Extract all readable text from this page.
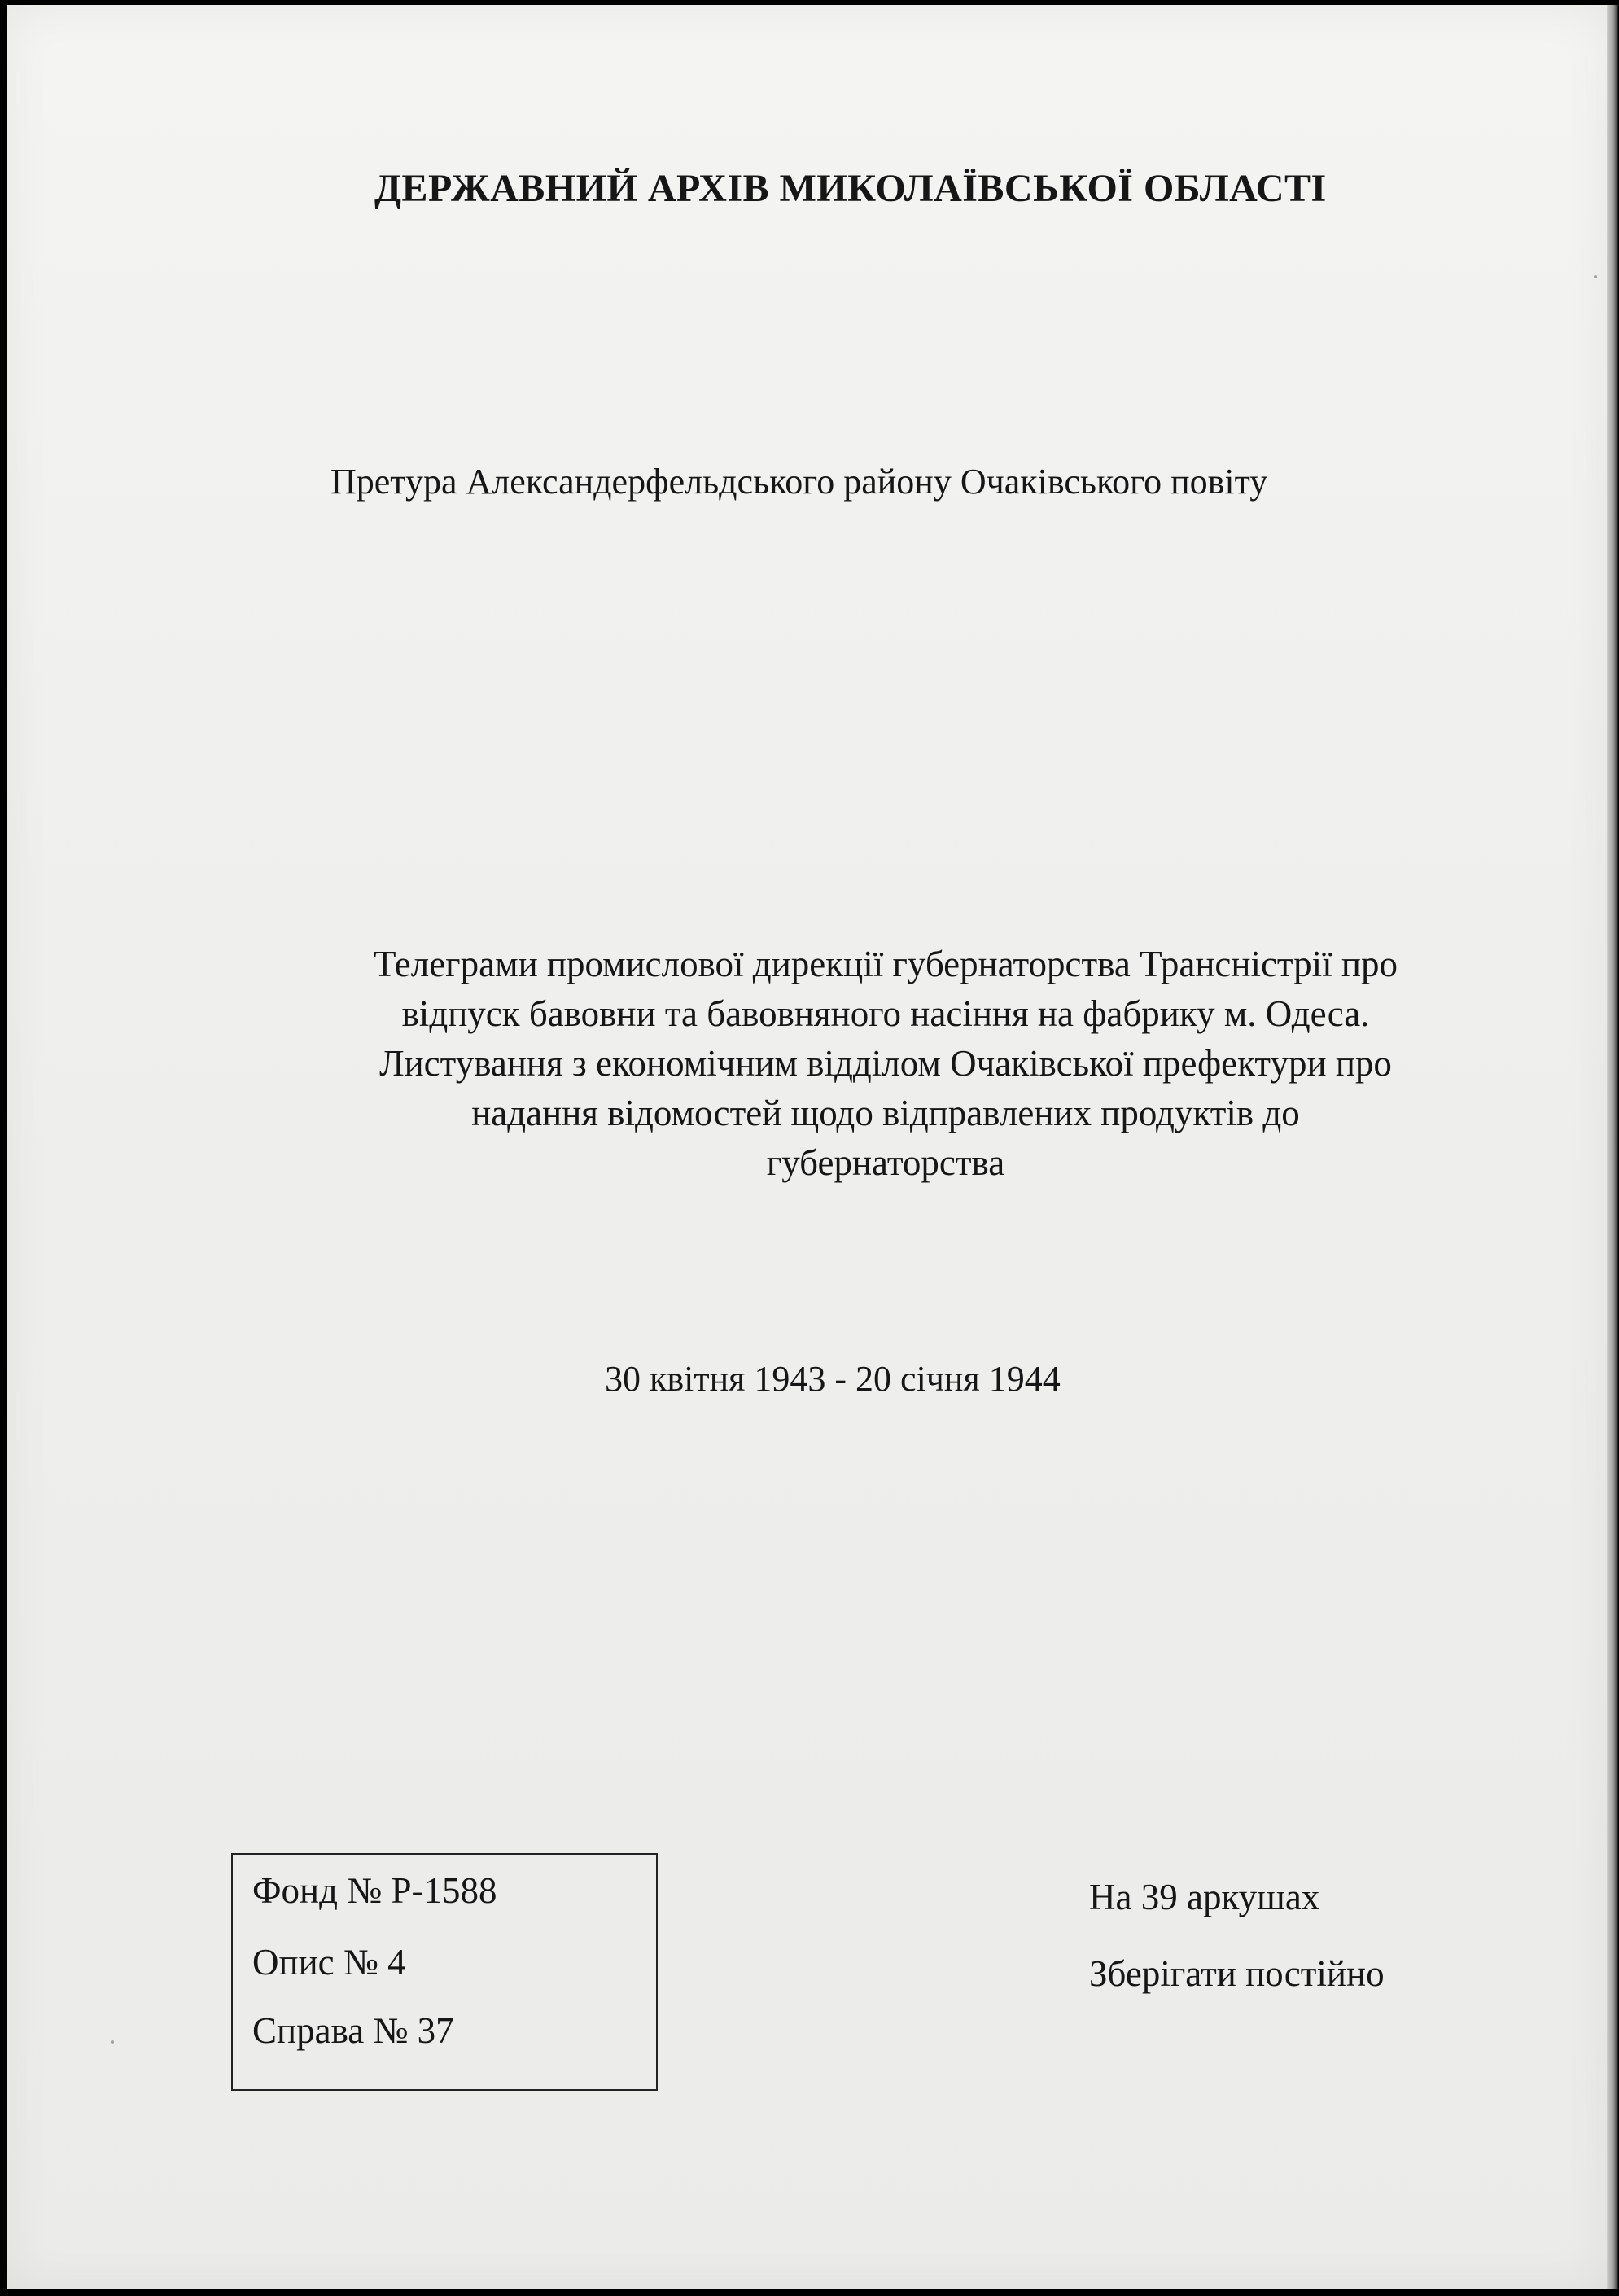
ДЕРЖАВНИЙ АРХІВ МИКОЛАЇВСЬКОЇ ОБЛАСТІ
Претура Александерфельдського району Очаківського повіту
Телеграми промислової дирекції губернаторства Трансністрії про
відпуск бавовни та бавовняного насіння на фабрику м. Одеса.
Листування з економічним відділом Очаківської префектури про
надання відомостей щодо відправлених продуктів до
губернаторства
30 квітня 1943 - 20 січня 1944
Фонд № Р-1588
Опис № 4
Справа № 37
На 39 аркушах
Зберігати постійно
